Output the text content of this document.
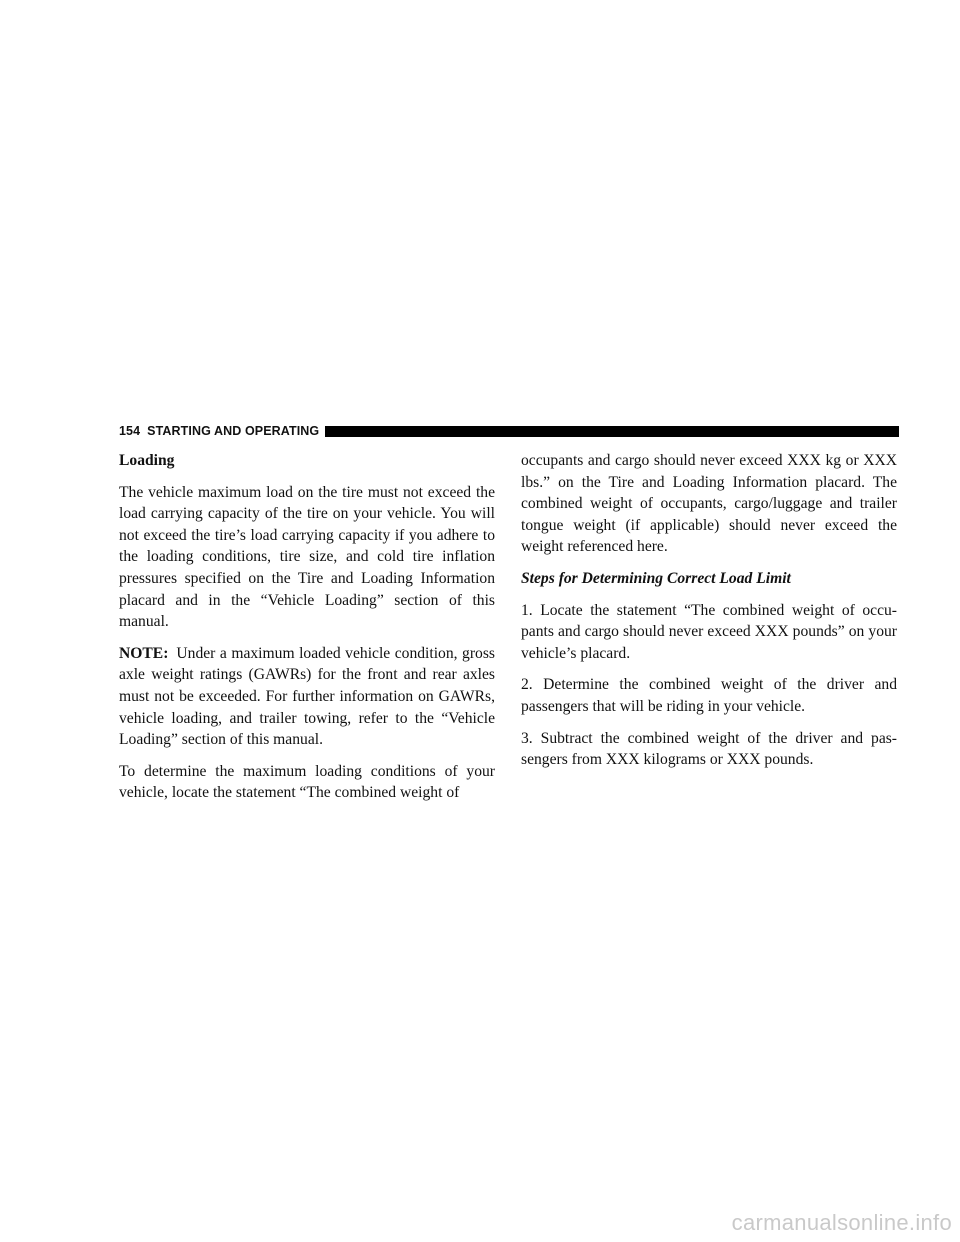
154 STARTING AND OPERATING

Loading

The vehicle maximum load on the tire must not exceed the load carrying capacity of the tire on your vehicle. You will not exceed the tire’s load carrying capacity if you adhere to the loading conditions, tire size, and cold tire inflation pressures specified on the Tire and Loading Information placard and in the “Vehicle Loading” section of this manual.

NOTE: Under a maximum loaded vehicle condition, gross axle weight ratings (GAWRs) for the front and rear axles must not be exceeded. For further information on GAWRs, vehicle loading, and trailer towing, refer to the “Vehicle Loading” section of this manual.

To determine the maximum loading conditions of your vehicle, locate the statement “The combined weight of

occupants and cargo should never exceed XXX kg or XXX lbs.” on the Tire and Loading Information placard. The combined weight of occupants, cargo/luggage and trailer tongue weight (if applicable) should never exceed the weight referenced here.

Steps for Determining Correct Load Limit

1. Locate the statement “The combined weight of occu-pants and cargo should never exceed XXX pounds” on your vehicle’s placard.

2. Determine the combined weight of the driver and passengers that will be riding in your vehicle.

3. Subtract the combined weight of the driver and pas-sengers from XXX kilograms or XXX pounds.

carmanualsonline.info
